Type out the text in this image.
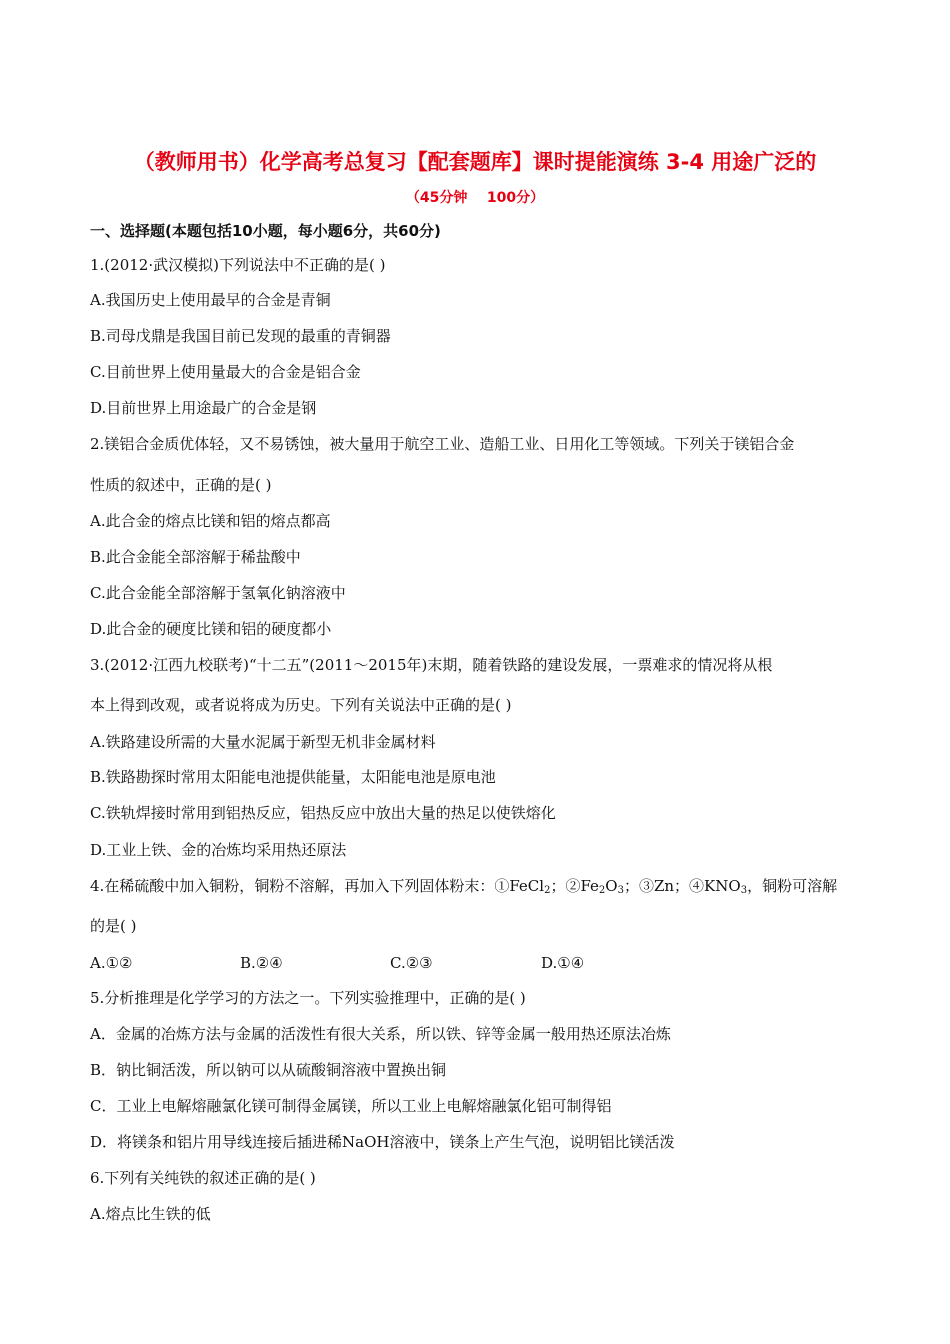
（教师用书）化学高考总复习【配套题库】课时提能演练 3-4 用途广泛的
（45分钟    100分）
一、选择题(本题包括10小题，每小题6分，共60分)
1.(2012·武汉模拟)下列说法中不正确的是( )
A.我国历史上使用最早的合金是青铜
B.司母戊鼎是我国目前已发现的最重的青铜器
C.目前世界上使用量最大的合金是铝合金
D.目前世界上用途最广的合金是钢
2.镁铝合金质优体轻，又不易锈蚀，被大量用于航空工业、造船工业、日用化工等领域。下列关于镁铝合金
性质的叙述中，正确的是( )
A.此合金的熔点比镁和铝的熔点都高
B.此合金能全部溶解于稀盐酸中
C.此合金能全部溶解于氢氧化钠溶液中
D.此合金的硬度比镁和铝的硬度都小
3.(2012·江西九校联考)“十二五”(2011～2015年)末期，随着铁路的建设发展，一票难求的情况将从根
本上得到改观，或者说将成为历史。下列有关说法中正确的是( )
A.铁路建设所需的大量水泥属于新型无机非金属材料
B.铁路勘探时常用太阳能电池提供能量，太阳能电池是原电池
C.铁轨焊接时常用到铝热反应，铝热反应中放出大量的热足以使铁熔化
D.工业上铁、金的冶炼均采用热还原法
4.在稀硫酸中加入铜粉，铜粉不溶解，再加入下列固体粉末：①FeCl$_2$；$②Fe_2O_3$；③Zn；$④KNO_3$，铜粉可溶解
的是( )
A.①②	B.②④	C.②③	D.①④
5.分析推理是化学学习的方法之一。下列实验推理中，正确的是( )
A．金属的冶炼方法与金属的活泼性有很大关系，所以铁、锌等金属一般用热还原法冶炼
B．钠比铜活泼，所以钠可以从硫酸铜溶液中置换出铜
C．工业上电解熔融氯化镁可制得金属镁，所以工业上电解熔融氯化铝可制得铝
D．将镁条和铝片用导线连接后插进稀NaOH溶液中，镁条上产生气泡，说明铝比镁活泼
6.下列有关纯铁的叙述正确的是( )
A.熔点比生铁的低
